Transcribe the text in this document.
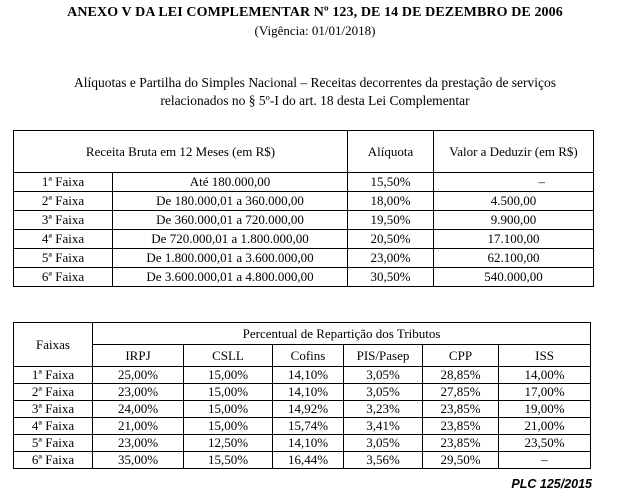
ANEXO V DA LEI COMPLEMENTAR Nº 123, DE 14 DE DEZEMBRO DE 2006
(Vigência: 01/01/2018)
Alíquotas e Partilha do Simples Nacional – Receitas decorrentes da prestação de serviços
relacionados no § 5º-I do art. 18 desta Lei Complementar
Receita Bruta em 12 Meses (em R$)		Alíquota	Valor a Deduzir (em R$)
1ª Faixa	Até 180.000,00	15,50%	–
2ª Faixa	De 180.000,01 a 360.000,00	18,00%	4.500,00
3ª Faixa	De 360.000,01 a 720.000,00	19,50%	9.900,00
4ª Faixa	De 720.000,01 a 1.800.000,00	20,50%	17.100,00
5ª Faixa	De 1.800.000,01 a 3.600.000,00	23,00%	62.100,00
6ª Faixa	De 3.600.000,01 a 4.800.000,00	30,50%	540.000,00
Faixas	Percentual de Repartição dos Tributos					
	IRPJ	CSLL	Cofins	PIS/Pasep	CPP	ISS
1ª Faixa	25,00%	15,00%	14,10%	3,05%	28,85%	14,00%
2ª Faixa	23,00%	15,00%	14,10%	3,05%	27,85%	17,00%
3ª Faixa	24,00%	15,00%	14,92%	3,23%	23,85%	19,00%
4ª Faixa	21,00%	15,00%	15,74%	3,41%	23,85%	21,00%
5ª Faixa	23,00%	12,50%	14,10%	3,05%	23,85%	23,50%
6ª Faixa	35,00%	15,50%	16,44%	3,56%	29,50%	–
PLC 125/2015
